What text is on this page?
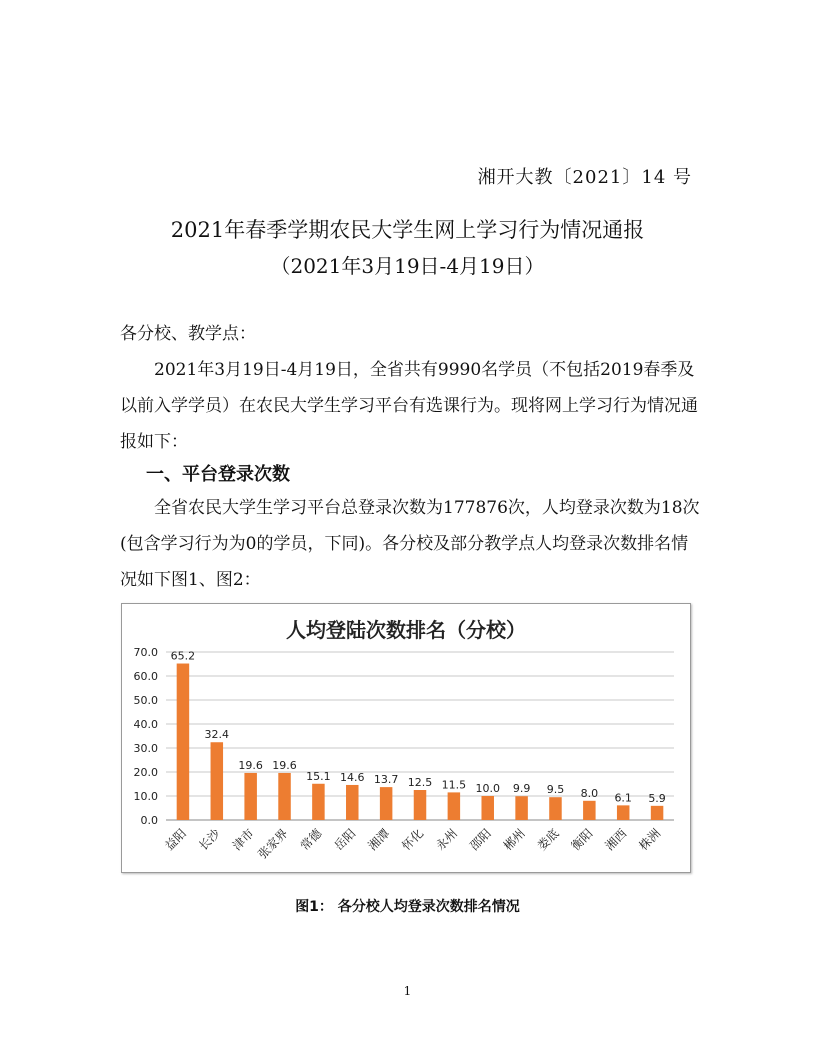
湘开大教〔2021〕14 号
2021年春季学期农民大学生网上学习行为情况通报
（2021年3月19日-4月19日）
各分校、教学点：
2021年3月19日-4月19日，全省共有9990名学员（不包括2019春季及以前入学学员）在农民大学生学习平台有选课行为。现将网上学习行为情况通报如下：
一、平台登录次数
全省农民大学生学习平台总登录次数为177876次，人均登录次数为18次(包含学习行为为0的学员，下同)。各分校及部分教学点人均登录次数排名情况如下图1、图2：
人均登陆次数排名（分校）
0.0
10.0
20.0
30.0
40.0
50.0
60.0
70.0 65.2
益阳
32.4
长沙
19.6
津市
19.6
张家界
15.1
常德
14.6
岳阳
13.7
湘潭
12.5
怀化
11.5
永州
10.0
邵阳
9.9
郴州
9.5
娄底
8.0
衡阳
6.1
湘西
5.9
株洲
图1： 各分校人均登录次数排名情况
1
